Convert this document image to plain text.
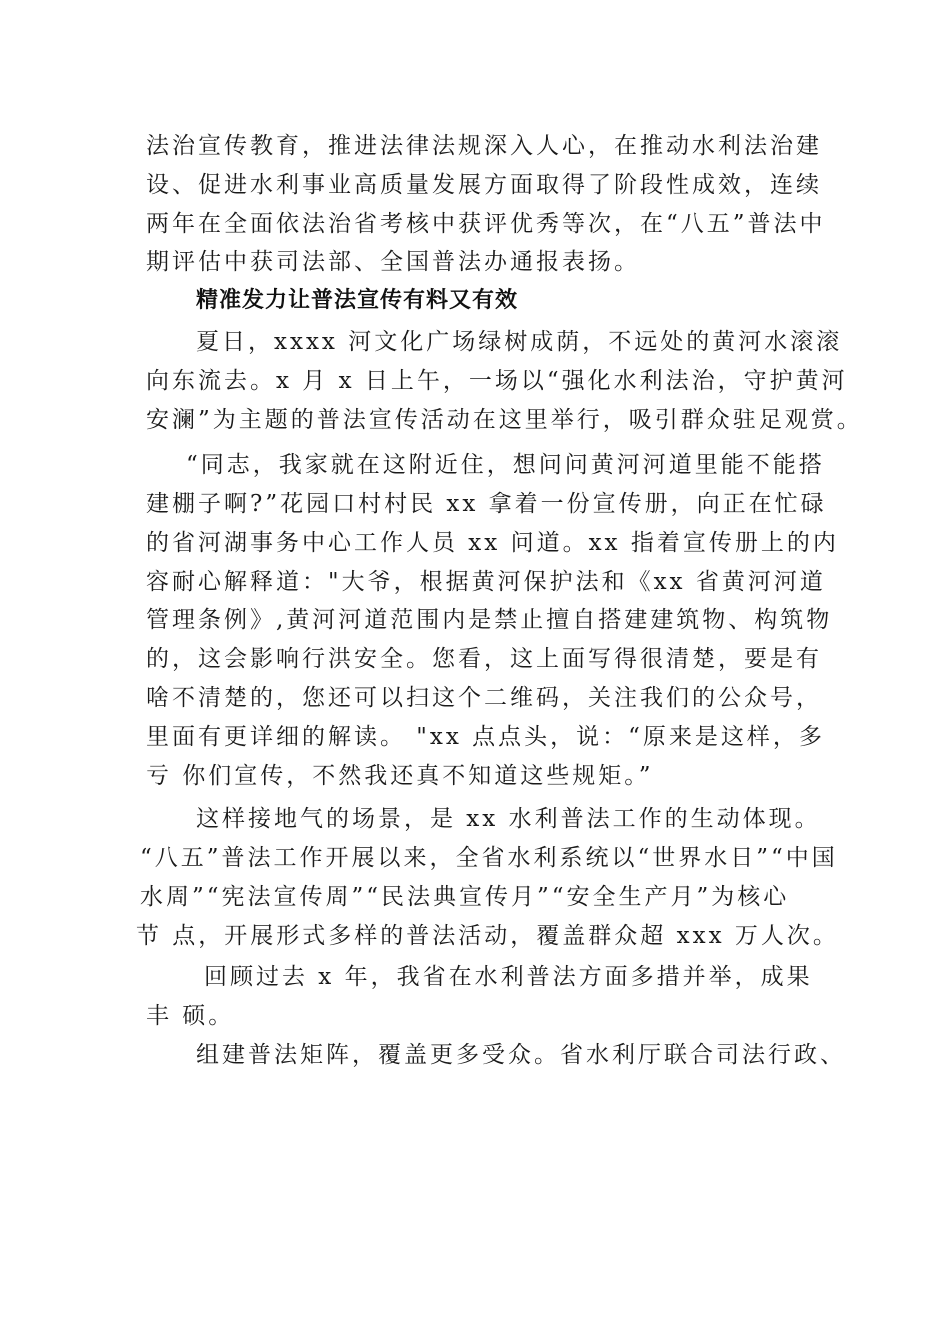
法治宣传教育，推进法律法规深入人心，在推动水利法治建
设、促进水利事业高质量发展方面取得了阶段性成效，连续
两年在全面依法治省考核中获评优秀等次，在“八五”普法中
期评估中获司法部、全国普法办通报表扬。
精准发力让普法宣传有料又有效
夏日，xxxx 河文化广场绿树成荫，不远处的黄河水滚滚
向东流去。x 月 x 日上午，一场以“强化水利法治，守护黄河
安澜”为主题的普法宣传活动在这里举行，吸引群众驻足观赏。
“同志，我家就在这附近住，想问问黄河河道里能不能搭
建棚子啊?”花园口村村民 xx 拿着一份宣传册，向正在忙碌
的省河湖事务中心工作人员 xx 问道。xx 指着宣传册上的内
容耐心解释道："大爷，根据黄河保护法和《xx 省黄河河道
管理条例》,黄河河道范围内是禁止擅自搭建建筑物、构筑物
的，这会影响行洪安全。您看，这上面写得很清楚，要是有
啥不清楚的，您还可以扫这个二维码，关注我们的公众号，
里面有更详细的解读。 "xx 点点头，说：“原来是这样，多
亏 你们宣传，不然我还真不知道这些规矩。”
这样接地气的场景，是 xx 水利普法工作的生动体现。
“八五”普法工作开展以来，全省水利系统以“世界水日”“中国
水周”“宪法宣传周”“民法典宣传月”“安全生产月”为核心
节 点，开展形式多样的普法活动，覆盖群众超 xxx 万人次。
回顾过去 x 年，我省在水利普法方面多措并举，成果
丰 硕。
组建普法矩阵，覆盖更多受众。省水利厅联合司法行政、
